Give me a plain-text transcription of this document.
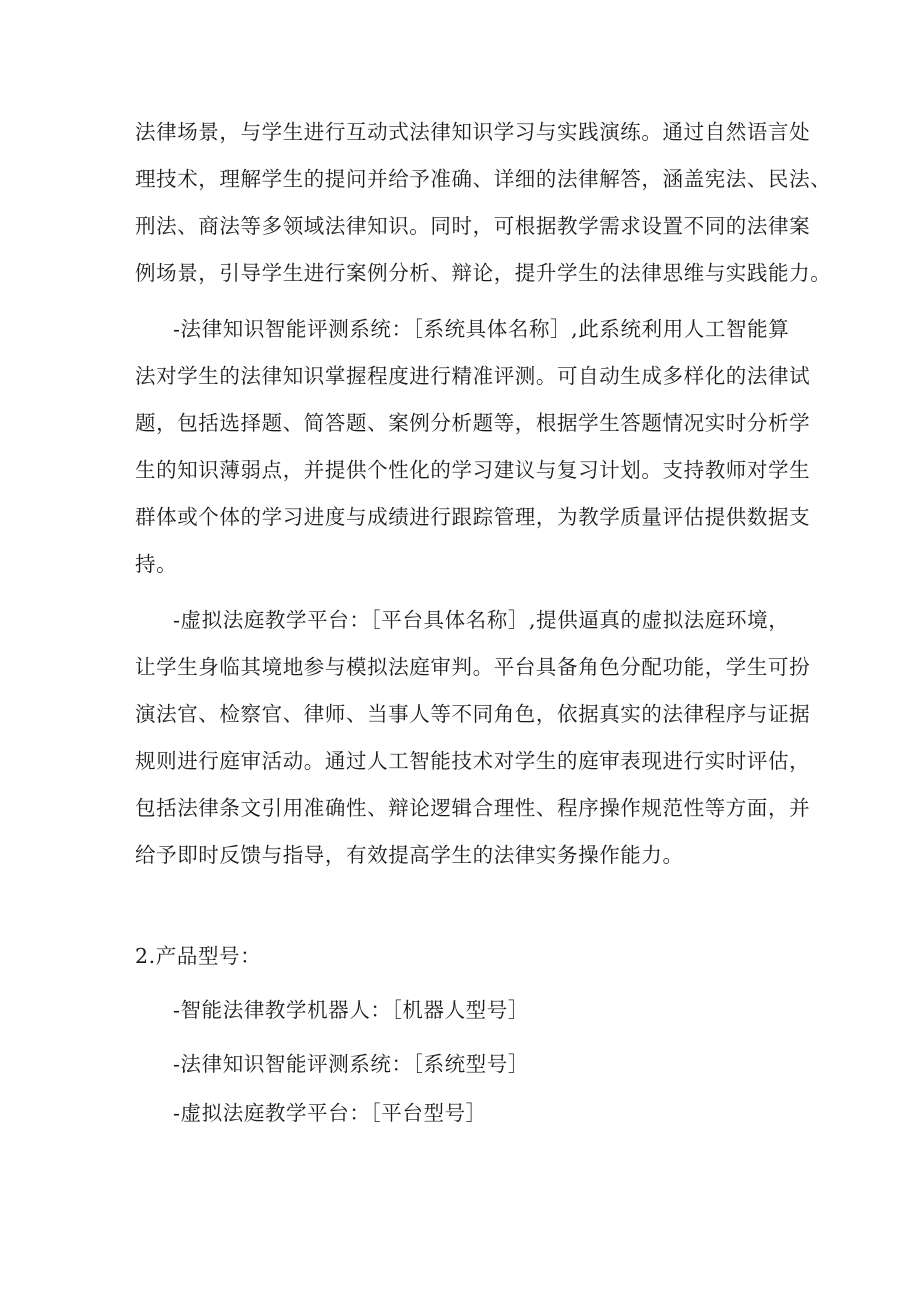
法律场景，与学生进行互动式法律知识学习与实践演练。通过自然语言处
理技术，理解学生的提问并给予准确、详细的法律解答，涵盖宪法、民法、
刑法、商法等多领域法律知识。同时，可根据教学需求设置不同的法律案
例场景，引导学生进行案例分析、辩论，提升学生的法律思维与实践能力。
-法律知识智能评测系统：［系统具体名称］,此系统利用人工智能算
法对学生的法律知识掌握程度进行精准评测。可自动生成多样化的法律试
题，包括选择题、简答题、案例分析题等，根据学生答题情况实时分析学
生的知识薄弱点，并提供个性化的学习建议与复习计划。支持教师对学生
群体或个体的学习进度与成绩进行跟踪管理，为教学质量评估提供数据支
持。
-虚拟法庭教学平台：［平台具体名称］,提供逼真的虚拟法庭环境，
让学生身临其境地参与模拟法庭审判。平台具备角色分配功能，学生可扮
演法官、检察官、律师、当事人等不同角色，依据真实的法律程序与证据
规则进行庭审活动。通过人工智能技术对学生的庭审表现进行实时评估，
包括法律条文引用准确性、辩论逻辑合理性、程序操作规范性等方面，并
给予即时反馈与指导，有效提高学生的法律实务操作能力。
2.产品型号：
-智能法律教学机器人：［机器人型号］
-法律知识智能评测系统：［系统型号］
-虚拟法庭教学平台：［平台型号］
